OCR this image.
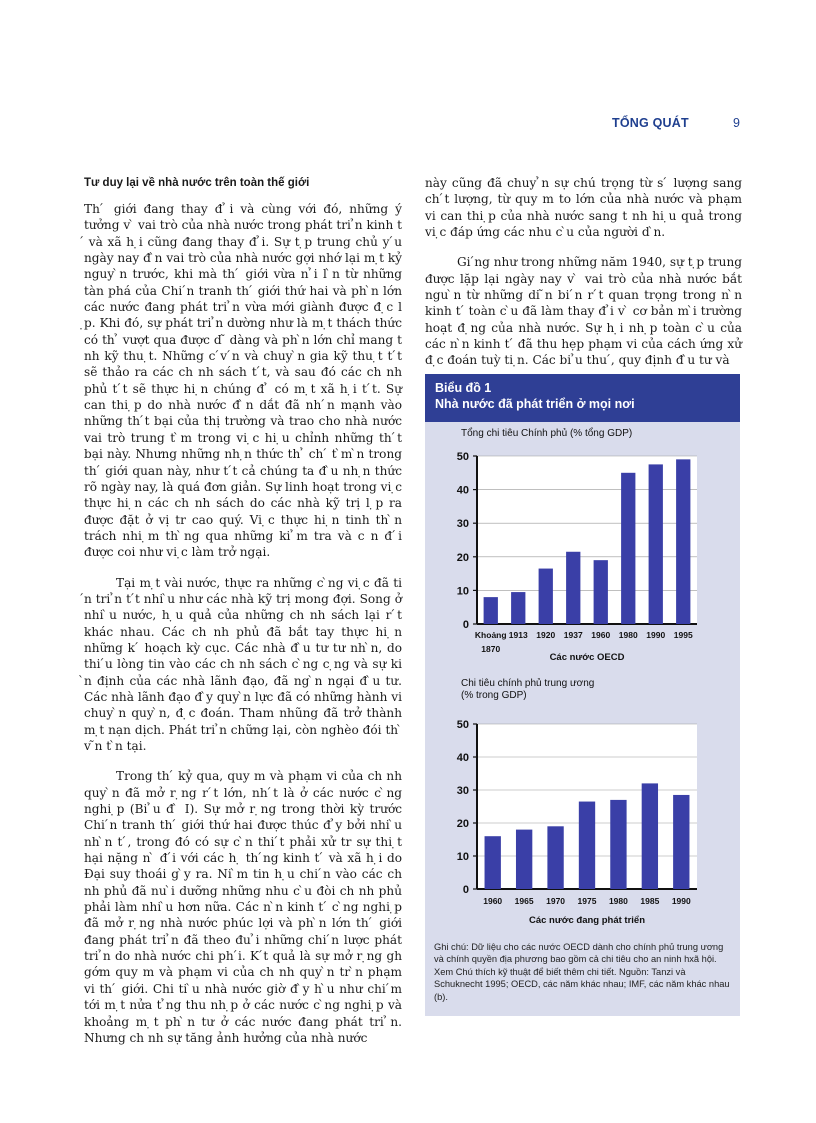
TỔNG QUÁT	9
Tư duy lại về nhà nước trên toàn thế giới

Th ́ giới đang thay đ ̉i và cùng với đó, những ý tưởng v ̀ vai trò của nhà nước trong phát tri ̉n kinh t ́ và xã h ̣i cũng đang thay đ ̉i. Sự t ̣p trung chủ y ́u ngày nay đ ̀n vai trò của nhà nước gợi nhớ lại m ̣t kỷ nguy ̀n trước, khi mà th ́ giới vừa n ̉i l ̀n từ những tàn phá của Chi ́n tranh th ́ giới thứ hai và ph ̀n lớn các nước đang phát tri ̉n vừa mới giành được đ ̣c l ̣p. Khi đó, sự phát tri ̉n dường như là m ̣t thách thức có th ̉ vượt qua được d ̃ dàng và ph ̀n lớn chỉ mang t nh kỹ thu ̣t. Những c ́v ́n và chuy ̀n gia kỹ thu ̣t t ́t sẽ thảo ra các ch nh sách t ́t, và sau đó các ch nh phủ t ́t sẽ thực hi ̣n chúng đ ̉ có m ̣t xã h ̣i t ́t. Sự can thi ̣p do nhà nước đ ̀n dắt đã nh ́n mạnh vào những th ́t bại của thị trường và trao cho nhà nước vai trò trung t ̀m trong vi ̣c hi ̣u chỉnh những th ́t bại này. Nhưng những nh ̣n thức th ̉ ch ́ t ̀m ̀n trong th ́ giới quan này, như t ́t cả chúng ta đ ̀u nh ̣n thức rõ ngày nay, là quá đơn giản. Sự linh hoạt trong vi ̣c thực hi ̣n các ch nh sách do các nhà kỹ trị l ̣p ra được đặt ở vị tr cao quý. Vi ̣c thực hi ̣n tinh th ̀n trách nhi ̣m th ̀ng qua những ki ̉m tra và c n đ ́i được coi như vi ̣c làm trở ngại.

Tại m ̣t vài nước, thực ra những c ̀ng vi ̣c đã ti ́n tri ̉n t ́t nhi ̀u như các nhà kỹ trị mong đợi. Song ở nhi ̀u nước, h ̣u quả của những ch nh sách lại r ́t khác nhau. Các ch nh phủ đã bắt tay thực hi ̣n những k ́ hoạch kỳ cục. Các nhà đ ̀u tư tư nh ̀n, do thi ́u lòng tin vào các ch nh sách c ̀ng c ̣ng và sự ki ̀n định của các nhà lãnh đạo, đã ng ̀n ngại đ ̀u tư. Các nhà lãnh đạo đ ̀y quy ̀n lực đã có những hành vi chuy ̀n quy ̀n, đ ̣c đoán. Tham nhũng đã trở thành m ̣t nạn dịch. Phát tri ̉n chững lại, còn nghèo đói th ̀ v ̃n t ̀n tại.

Trong th ́ kỷ qua, quy m và phạm vi của ch nh quy ̀n đã mở r ̣ng r ́t lớn, nh ́t là ở các nước c ̀ng nghi ̣p (Bi ̉u đ ̀ I). Sự mở r ̣ng trong thời kỳ trước Chi ́n tranh th ́ giới thứ hai được thúc đ ̉y bởi nhi ̀u nh ̀n t ́, trong đó có sự c ̀n thi ́t phải xử tr sự thi ̣t hại nặng n ̀ đ ́i với các h ̣ th ́ng kinh t ́ và xã h ̣i do Đại suy thoái g ̀y ra. Ni ̀m tin h ̣u chi ́n vào các ch nh phủ đã nu ̀i dưỡng những nhu c ̀u đòi ch nh phủ phải làm nhi ̀u hơn nữa. Các n ̀n kinh t ́ c ̀ng nghi ̣p đã mở r ̣ng nhà nước phúc lợi và ph ̀n lớn th ́ giới đang phát tri ̉n đã theo đu ̉i những chi ́n lược phát tri ̉n do nhà nước chi ph ́i. K ́t quả là sự mở r ̣ng gh gớm quy m và phạm vi của ch nh quy ̀n tr ̀n phạm vi th ́ giới. Chi ti ̀u nhà nước giờ đ ̀y h ̀u như chi ́m tới m ̣t nửa t ̉ng thu nh ̣p ở các nước c ̀ng nghi ̣p và khoảng m ̣t ph ̀n tư ở các nước đang phát tri ̉n. Nhưng ch nh sự tăng ảnh hưởng của nhà nước

này cũng đã chuy ̉n sự chú trọng từ s ́ lượng sang ch ́t lượng, từ quy m to lớn của nhà nước và phạm vi can thi ̣p của nhà nước sang t nh hi ̣u quả trong vi ̣c đáp ứng các nhu c ̀u của người d ̀n.

Gi ́ng như trong những năm 1940, sự t ̣p trung được lặp lại ngày nay v ̀ vai trò của nhà nước bắt ngu ̀n từ những di ̃n bi ́n r ́t quan trọng trong n ̀n kinh t ́ toàn c ̀u đã làm thay đ ̉i v ̀ cơ bản m ̀i trường hoạt đ ̣ng của nhà nước. Sự h ̣i nh ̣p toàn c ̀u của các n ̀n kinh t ́ đã thu hẹp phạm vi của cách ứng xử đ ̣c đoán tuỳ ti ̣n. Các bi ̉u thu ́, quy định đ ̀u tư và

Biểu đồ 1
Nhà nước đã phát triển ở mọi nơi
Tổng chi tiêu Chính phủ (% tổng GDP)
0
10
20
30
40
50
Khoảng 1913 1920 1937 1960 1980 1990 1995
1870
Các nước OECD
Chi tiêu chính phủ trung ương
(% trong GDP)
0
10
20
30
40
50
1960 1965 1970 1975 1980 1985 1990
Các nước đang phát triển
Ghi chú: Dữ liệu cho các nước OECD dành cho chính phủ trung ương và chính quyền địa phương bao gồm cả chi tiêu cho an ninh hxã hội. Xem Chú thích kỹ thuật để biết thêm chi tiết. Nguồn: Tanzi và Schuknecht 1995; OECD, các năm khác nhau; IMF, các năm khác nhau (b).
